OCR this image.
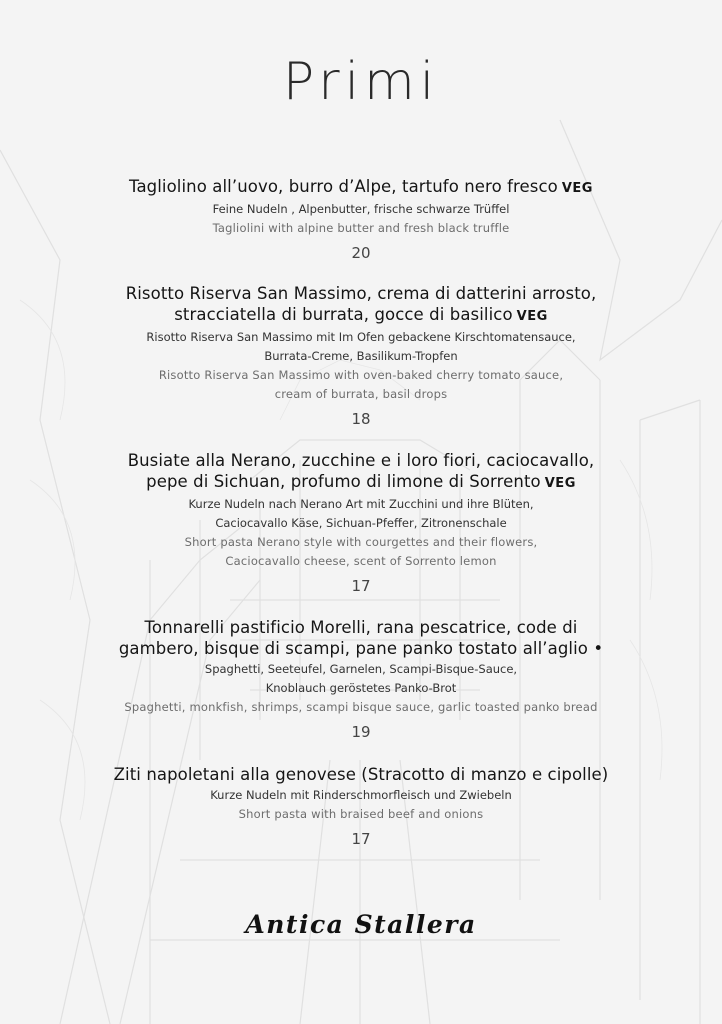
Primi
Tagliolino all’uovo, burro d’Alpe, tartufo nero fresco VEG
Feine Nudeln , Alpenbutter, frische schwarze Trüffel
Tagliolini with alpine butter and fresh black truffle
20
Risotto Riserva San Massimo, crema di datterini arrosto,
stracciatella di burrata, gocce di basilico VEG
Risotto Riserva San Massimo mit Im Ofen gebackene Kirschtomatensauce,
Burrata-Creme, Basilikum-Tropfen
Risotto Riserva San Massimo with oven-baked cherry tomato sauce,
cream of burrata, basil drops
18
Busiate alla Nerano, zucchine e i loro fiori, caciocavallo,
pepe di Sichuan, profumo di limone di Sorrento VEG
Kurze Nudeln nach Nerano Art mit Zucchini und ihre Blüten,
Caciocavallo Käse, Sichuan-Pfeffer, Zitronenschale
Short pasta Nerano style with courgettes and their flowers,
Caciocavallo cheese, scent of Sorrento lemon
17
Tonnarelli pastificio Morelli, rana pescatrice, code di
gambero, bisque di scampi, pane panko tostato all’aglio •
Spaghetti, Seeteufel, Garnelen, Scampi-Bisque-Sauce,
Knoblauch geröstetes Panko-Brot
Spaghetti, monkfish, shrimps, scampi bisque sauce, garlic toasted panko bread
19
Ziti napoletani alla genovese (Stracotto di manzo e cipolle)
Kurze Nudeln mit Rinderschmorfleisch und Zwiebeln
Short pasta with braised beef and onions
17
Antica Stallera
